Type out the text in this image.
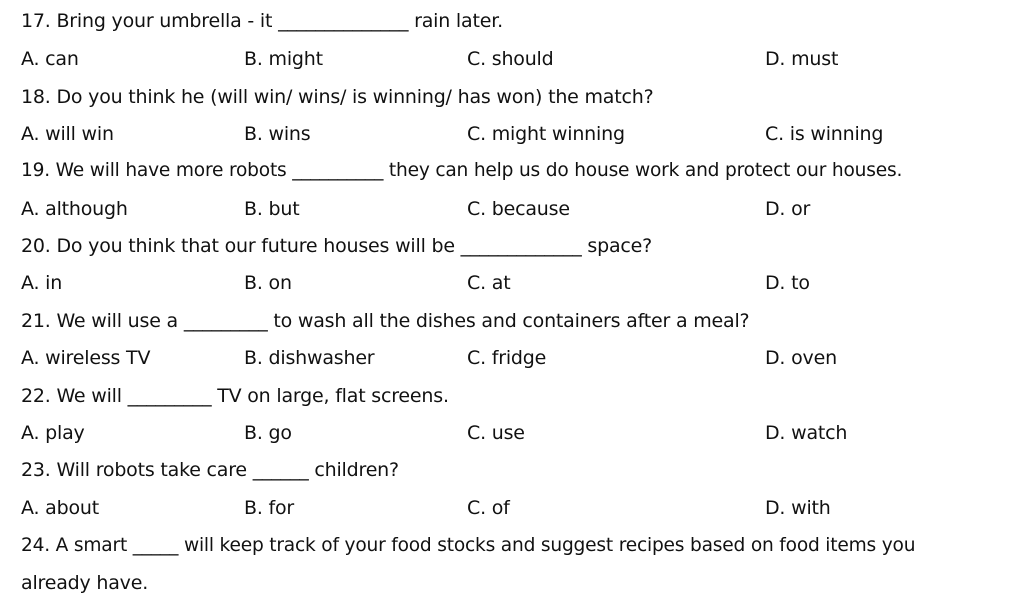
17. Bring your umbrella - it ______________ rain later.
A. can	B. might	C. should	D. must
18. Do you think he (will win/ wins/ is winning/ has won) the match?
A. will win	B. wins	C. might winning	C. is winning
19. We will have more robots __________ they can help us do house work and protect our houses.
A. although	B. but	C. because	D. or
20. Do you think that our future houses will be _____________ space?
A. in	B. on	C. at	D. to
21. We will use a _________ to wash all the dishes and containers after a meal?
A. wireless TV	B. dishwasher	C. fridge	D. oven
22. We will _________ TV on large, flat screens.
A. play	B. go	C. use	D. watch
23. Will robots take care ______ children?
A. about	B. for	C. of	D. with
24. A smart _____ will keep track of your food stocks and suggest recipes based on food items you
already have.
